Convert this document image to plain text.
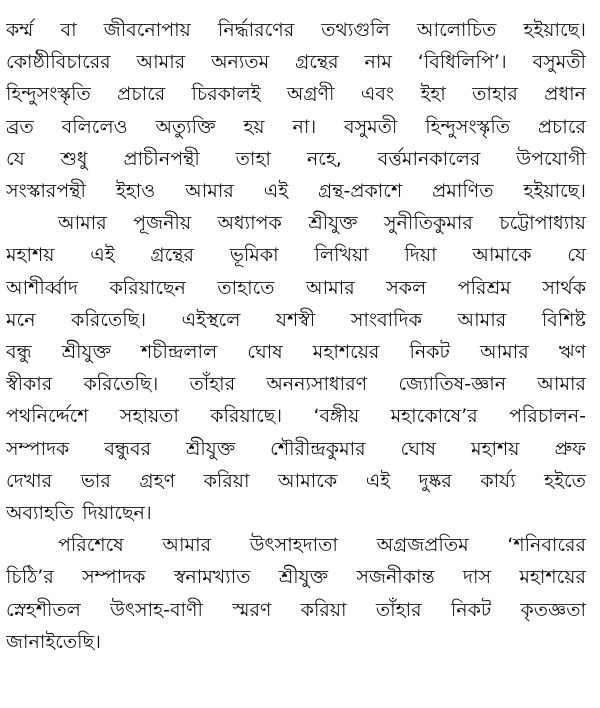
কর্ম্ম বা জীবনোপায় নির্দ্ধারণের তথ্যগুলি আলোচিত হইয়াছে।
কোষ্ঠীবিচারের আমার অন্যতম গ্রন্থের নাম ‘বিধিলিপি’। বসুমতী
হিন্দুসংস্কৃতি প্রচারে চিরকালই অগ্রণী এবং ইহা তাহার প্রধান
ব্রত বলিলেও অত্যুক্তি হয় না। বসুমতী হিন্দুসংস্কৃতি প্রচারে
যে শুধু প্রাচীনপন্থী তাহা নহে, বর্ত্তমানকালের উপযোগী
সংস্কারপন্থী ইহাও আমার এই গ্রন্থ-প্রকাশে প্রমাণিত হইয়াছে।
আমার পূজনীয় অধ্যাপক শ্রীযুক্ত সুনীতিকুমার চট্টোপাধ্যায়
মহাশয় এই গ্রন্থের ভূমিকা লিখিয়া দিয়া আমাকে যে
আশীর্ব্বাদ করিয়াছেন তাহাতে আমার সকল পরিশ্রম সার্থক
মনে করিতেছি। এইস্থলে যশস্বী সাংবাদিক আমার বিশিষ্ট
বন্ধু শ্রীযুক্ত শচীন্দ্রলাল ঘোষ মহাশয়ের নিকট আমার ঋণ
স্বীকার করিতেছি। তাঁহার অনন্যসাধারণ জ্যোতিষ-জ্ঞান আমার
পথনির্দ্দেশে সহায়তা করিয়াছে। ‘বঙ্গীয় মহাকোষে’র পরিচালন-
সম্পাদক বন্ধুবর শ্রীযুক্ত শৌরীন্দ্রকুমার ঘোষ মহাশয় প্রুফ
দেখার ভার গ্রহণ করিয়া আমাকে এই দুষ্কর কার্য্য হইতে
অব্যাহতি দিয়াছেন।
পরিশেষে আমার উৎসাহদাতা অগ্রজপ্রতিম ‘শনিবারের
চিঠি’র সম্পাদক স্বনামখ্যাত শ্রীযুক্ত সজনীকান্ত দাস মহাশয়ের
স্নেহশীতল উৎসাহ-বাণী স্মরণ করিয়া তাঁহার নিকট কৃতজ্ঞতা
জানাইতেছি।
